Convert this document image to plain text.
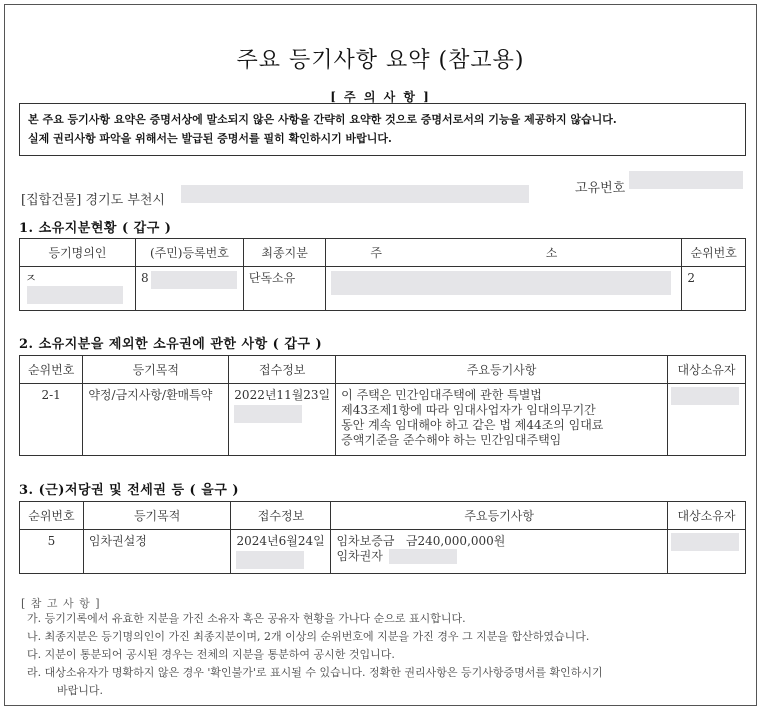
주요 등기사항 요약 (참고용)
[ 주 의 사 항 ]
본 주요 등기사항 요약은 증명서상에 말소되지 않은 사항을 간략히 요약한 것으로 증명서로서의 기능을 제공하지 않습니다.
실제 권리사항 파악을 위해서는 발급된 증명서를 필히 확인하시기 바랍니다.
고유번호
[집합건물] 경기도 부천시
1. 소유지분현황 ( 갑구 )
등기명의인	(주민)등록번호	최종지분	주 소	순위번호
ㅈ	8	단독소유		2
2. 소유지분을 제외한 소유권에 관한 사항 ( 갑구 )
순위번호	등기목적	접수정보	주요등기사항	대상소유자
2-1	약정/금지사항/환매특약	2022년11월23일	이 주택은 민간임대주택에 관한 특별법
제43조제1항에 따라 임대사업자가 임대의무기간
동안 계속 임대해야 하고 같은 법 제44조의 임대료
증액기준을 준수해야 하는 민간임대주택임	

3. (근)저당권 및 전세권 등 ( 을구 )
순위번호	등기목적	접수정보	주요등기사항	대상소유자
5	임차권설정	2024년6월24일	임차보증금   금240,000,000원
임차권자	

[ 참 고 사 항 ]
가. 등기기록에서 유효한 지분을 가진 소유자 혹은 공유자 현황을 가나다 순으로 표시합니다.
나. 최종지분은 등기명의인이 가진 최종지분이며, 2개 이상의 순위번호에 지분을 가진 경우 그 지분을 합산하였습니다.
다. 지분이 통분되어 공시된 경우는 전체의 지분을 통분하여 공시한 것입니다.
라. 대상소유자가 명확하지 않은 경우 '확인불가'로 표시될 수 있습니다. 정확한 권리사항은 등기사항증명서를 확인하시기
바랍니다.
